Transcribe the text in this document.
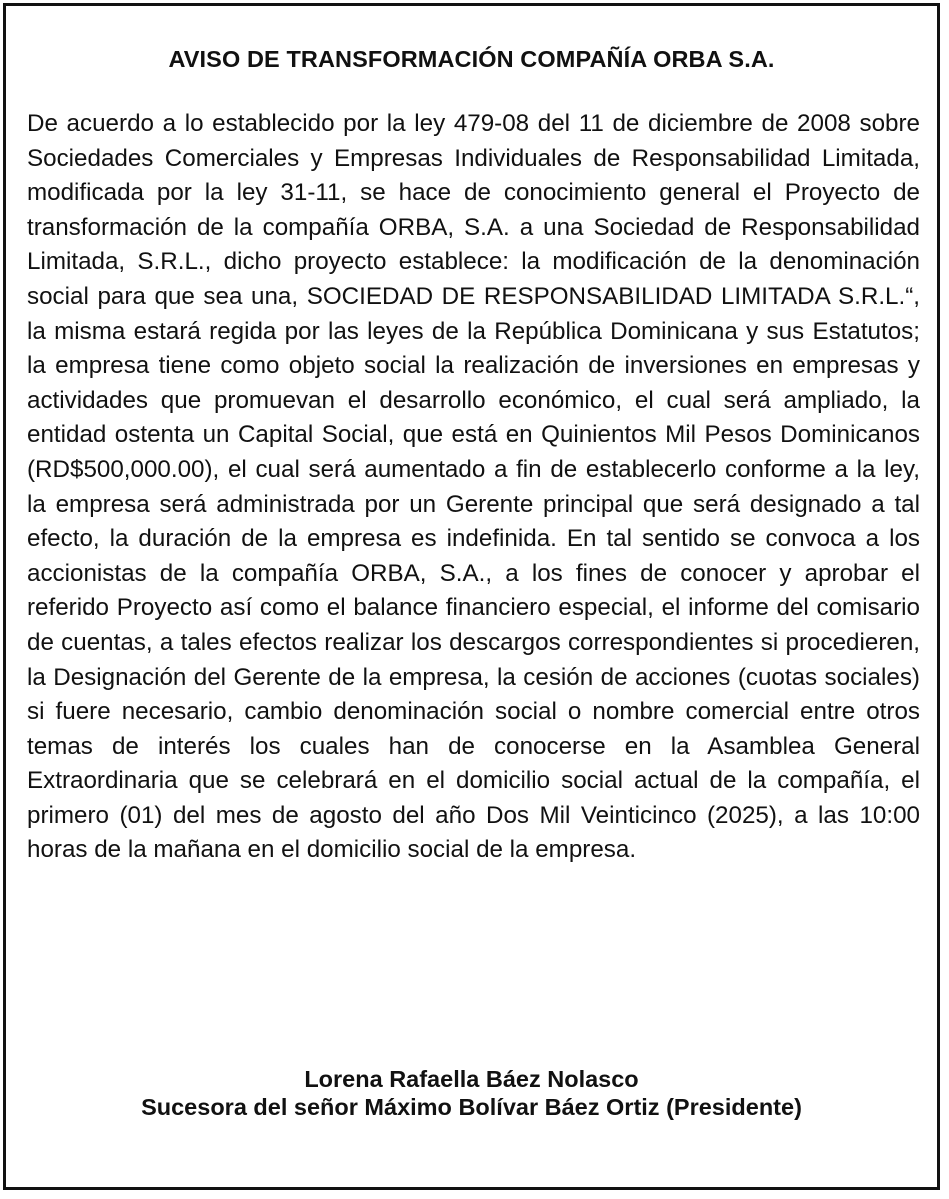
AVISO DE TRANSFORMACIÓN COMPAÑÍA ORBA S.A.

De acuerdo a lo establecido por la ley 479-08 del 11 de diciembre de 2008 sobre Sociedades Comerciales y Empresas Individuales de Responsabilidad Limitada, modificada por la ley 31-11, se hace de conocimiento general el Proyecto de transformación de la compañía ORBA, S.A. a una Sociedad de Responsabilidad Limitada, S.R.L., dicho proyecto establece: la modificación de la denominación social para que sea una, SOCIEDAD DE RESPONSABILIDAD LIMITADA S.R.L.“, la misma estará regida por las leyes de la República Dominicana y sus Estatutos; la empresa tiene como objeto social la realización de inversiones en empresas y actividades que promuevan el desarrollo económico, el cual será ampliado, la entidad ostenta un Capital Social, que está en Quinientos Mil Pesos Dominicanos (RD$500,000.00), el cual será aumentado a fin de establecerlo conforme a la ley, la empresa será administrada por un Gerente principal que será designado a tal efecto, la duración de la empresa es indefinida. En tal sentido se convoca a los accionistas de la compañía ORBA, S.A., a los fines de conocer y aprobar el referido Proyecto así como el balance financiero especial, el informe del comisario de cuentas, a tales efectos realizar los descargos correspondientes si procedieren, la Designación del Gerente de la empresa, la cesión de acciones (cuotas sociales) si fuere necesario, cambio denominación social o nombre comercial entre otros temas de interés los cuales han de conocerse en la Asamblea General Extraordinaria que se celebrará en el domicilio social actual de la compañía, el primero (01) del mes de agosto del año Dos Mil Veinticinco (2025), a las 10:00 horas de la mañana en el domicilio social de la empresa.

Lorena Rafaella Báez Nolasco
Sucesora del señor Máximo Bolívar Báez Ortiz (Presidente)
